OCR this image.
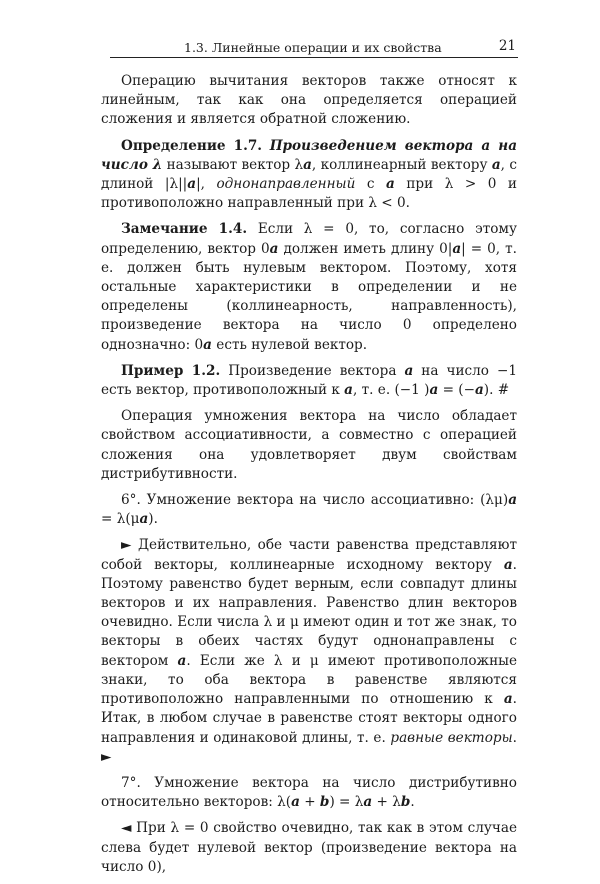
1.3. Линейные операции и их свойства	21

Операцию вычитания векторов также относят к линейным, так как она определяется операцией сложения и является обратной сложению.

Определение 1.7. Произведением вектора a на число λ называют вектор λa, коллинеарный вектору a, с длиной |λ||a|, однонаправленный с a при λ > 0 и противоположно направленный при λ < 0.

Замечание 1.4. Если λ = 0, то, согласно этому определению, вектор 0a должен иметь длину 0|a| = 0, т. е. должен быть нулевым вектором. Поэтому, хотя остальные характеристики в определении и не определены (коллинеарность, направленность), произведение вектора на число 0 определено однозначно: 0a есть нулевой вектор.

Пример 1.2. Произведение вектора a на число −1 есть вектор, противоположный к a, т. е. (−1 )a = (−a). #

Операция умножения вектора на число обладает свойством ассоциативности, а совместно с операцией сложения она удовлетворяет двум свойствам дистрибутивности.

6°. Умножение вектора на число ассоциативно: (λμ)a = λ(μa).

► Действительно, обе части равенства представляют собой векторы, коллинеарные исходному вектору a. Поэтому равенство будет верным, если совпадут длины векторов и их направления. Равенство длин векторов очевидно. Если числа λ и μ имеют один и тот же знак, то векторы в обеих частях будут однонаправлены с вектором a. Если же λ и μ имеют противоположные знаки, то оба вектора в равенстве являются противоположно направленными по отношению к a. Итак, в любом случае в равенстве стоят векторы одного направления и одинаковой длины, т. е. равные векторы. ►

7°. Умножение вектора на число дистрибутивно относительно векторов: λ(a + b) = λa + λb.

◄ При λ = 0 свойство очевидно, так как в этом случае слева будет нулевой вектор (произведение вектора на число 0),
